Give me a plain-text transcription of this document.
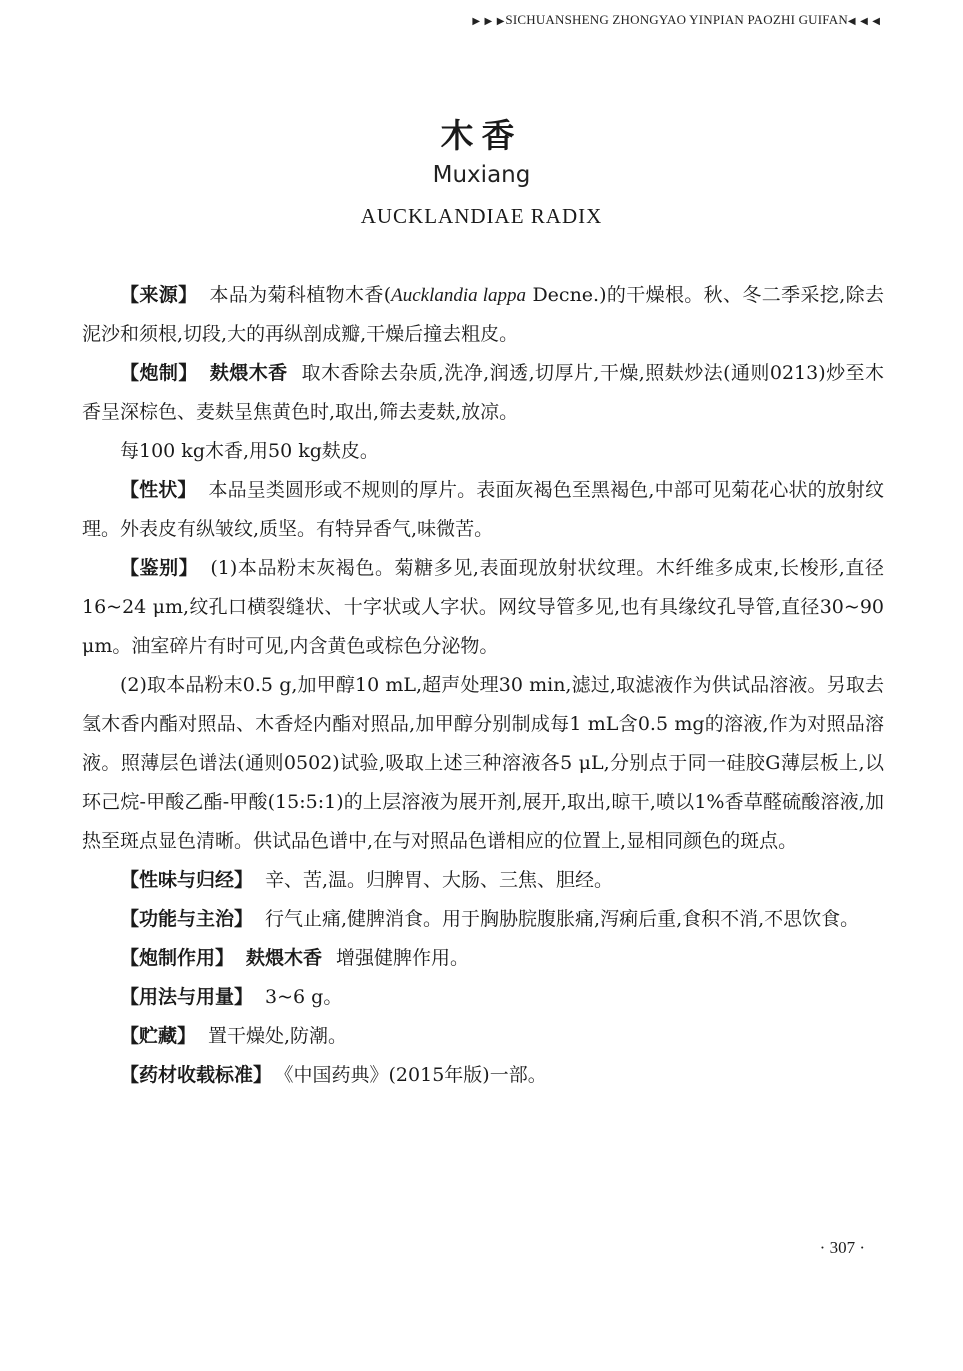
▶ ▶ ▶SICHUANSHENG ZHONGYAO YINPIAN PAOZHI GUIFAN◀ ◀ ◀
木香
Muxiang
AUCKLANDIAE RADIX

【来源】 本品为菊科植物木香(Aucklandia lappa Decne.)的干燥根。秋、冬二季采挖,除去泥沙和须根,切段,大的再纵剖成瓣,干燥后撞去粗皮。

【炮制】 麸煨木香 取木香除去杂质,洗净,润透,切厚片,干燥,照麸炒法(通则0213)炒至木香呈深棕色、麦麸呈焦黄色时,取出,筛去麦麸,放凉。

每100 kg木香,用50 kg麸皮。

【性状】 本品呈类圆形或不规则的厚片。表面灰褐色至黑褐色,中部可见菊花心状的放射纹理。外表皮有纵皱纹,质坚。有特异香气,味微苦。

【鉴别】 (1)本品粉末灰褐色。菊糖多见,表面现放射状纹理。木纤维多成束,长梭形,直径16~24 μm,纹孔口横裂缝状、十字状或人字状。网纹导管多见,也有具缘纹孔导管,直径30~90 μm。油室碎片有时可见,内含黄色或棕色分泌物。

(2)取本品粉末0.5 g,加甲醇10 mL,超声处理30 min,滤过,取滤液作为供试品溶液。另取去氢木香内酯对照品、木香烃内酯对照品,加甲醇分别制成每1 mL含0.5 mg的溶液,作为对照品溶液。照薄层色谱法(通则0502)试验,吸取上述三种溶液各5 μL,分别点于同一硅胶G薄层板上,以环己烷-甲酸乙酯-甲酸(15:5:1)的上层溶液为展开剂,展开,取出,晾干,喷以1%香草醛硫酸溶液,加热至斑点显色清晰。供试品色谱中,在与对照品色谱相应的位置上,显相同颜色的斑点。

【性味与归经】 辛、苦,温。归脾胃、大肠、三焦、胆经。

【功能与主治】 行气止痛,健脾消食。用于胸胁脘腹胀痛,泻痢后重,食积不消,不思饮食。

【炮制作用】 麸煨木香 增强健脾作用。

【用法与用量】 3~6 g。

【贮藏】 置干燥处,防潮。

【药材收载标准】 《中国药典》(2015年版)一部。

· 307 ·
